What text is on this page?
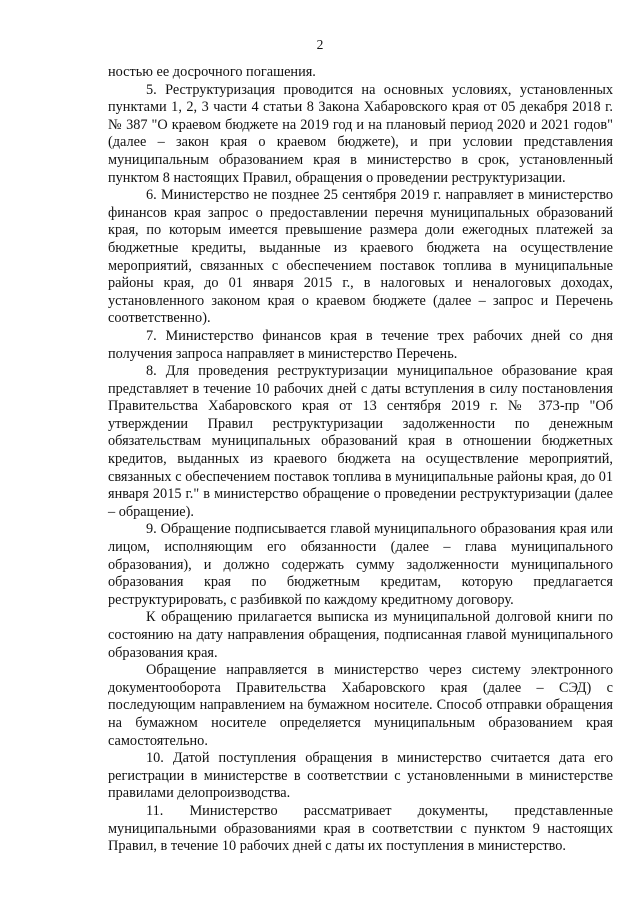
2

ностью ее досрочного погашения.

5. Реструктуризация проводится на основных условиях, установленных пунктами 1, 2, 3 части 4 статьи 8 Закона Хабаровского края от 05 декабря 2018 г. № 387 "О краевом бюджете на 2019 год и на плановый период 2020 и 2021 годов" (далее – закон края о краевом бюджете), и при условии представления муниципальным образованием края в министерство в срок, установленный пунктом 8 настоящих Правил, обращения о проведении реструктуризации.

6. Министерство не позднее 25 сентября 2019 г. направляет в министерство финансов края запрос о предоставлении перечня муниципальных образований края, по которым имеется превышение размера доли ежегодных платежей за бюджетные кредиты, выданные из краевого бюджета на осуществление мероприятий, связанных с обеспечением поставок топлива в муниципальные районы края, до 01 января 2015 г., в налоговых и неналоговых доходах, установленного законом края о краевом бюджете (далее – запрос и Перечень соответственно).

7. Министерство финансов края в течение трех рабочих дней со дня получения запроса направляет в министерство Перечень.

8. Для проведения реструктуризации муниципальное образование края представляет в течение 10 рабочих дней с даты вступления в силу постановления Правительства Хабаровского края от 13 сентября 2019 г. № 373-пр "Об утверждении Правил реструктуризации задолженности по денежным обязательствам муниципальных образований края в отношении бюджетных кредитов, выданных из краевого бюджета на осуществление мероприятий, связанных с обеспечением поставок топлива в муниципальные районы края, до 01 января 2015 г." в министерство обращение о проведении реструктуризации (далее – обращение).

9. Обращение подписывается главой муниципального образования края или лицом, исполняющим его обязанности (далее – глава муниципального образования), и должно содержать сумму задолженности муниципального образования края по бюджетным кредитам, которую предлагается реструктурировать, с разбивкой по каждому кредитному договору.

К обращению прилагается выписка из муниципальной долговой книги по состоянию на дату направления обращения, подписанная главой муниципального образования края.

Обращение направляется в министерство через систему электронного документооборота Правительства Хабаровского края (далее – СЭД) с последующим направлением на бумажном носителе. Способ отправки обращения на бумажном носителе определяется муниципальным образованием края самостоятельно.

10. Датой поступления обращения в министерство считается дата его регистрации в министерстве в соответствии с установленными в министерстве правилами делопроизводства.

11. Министерство рассматривает документы, представленные муниципальными образованиями края в соответствии с пунктом 9 настоящих Правил, в течение 10 рабочих дней с даты их поступления в министерство.
